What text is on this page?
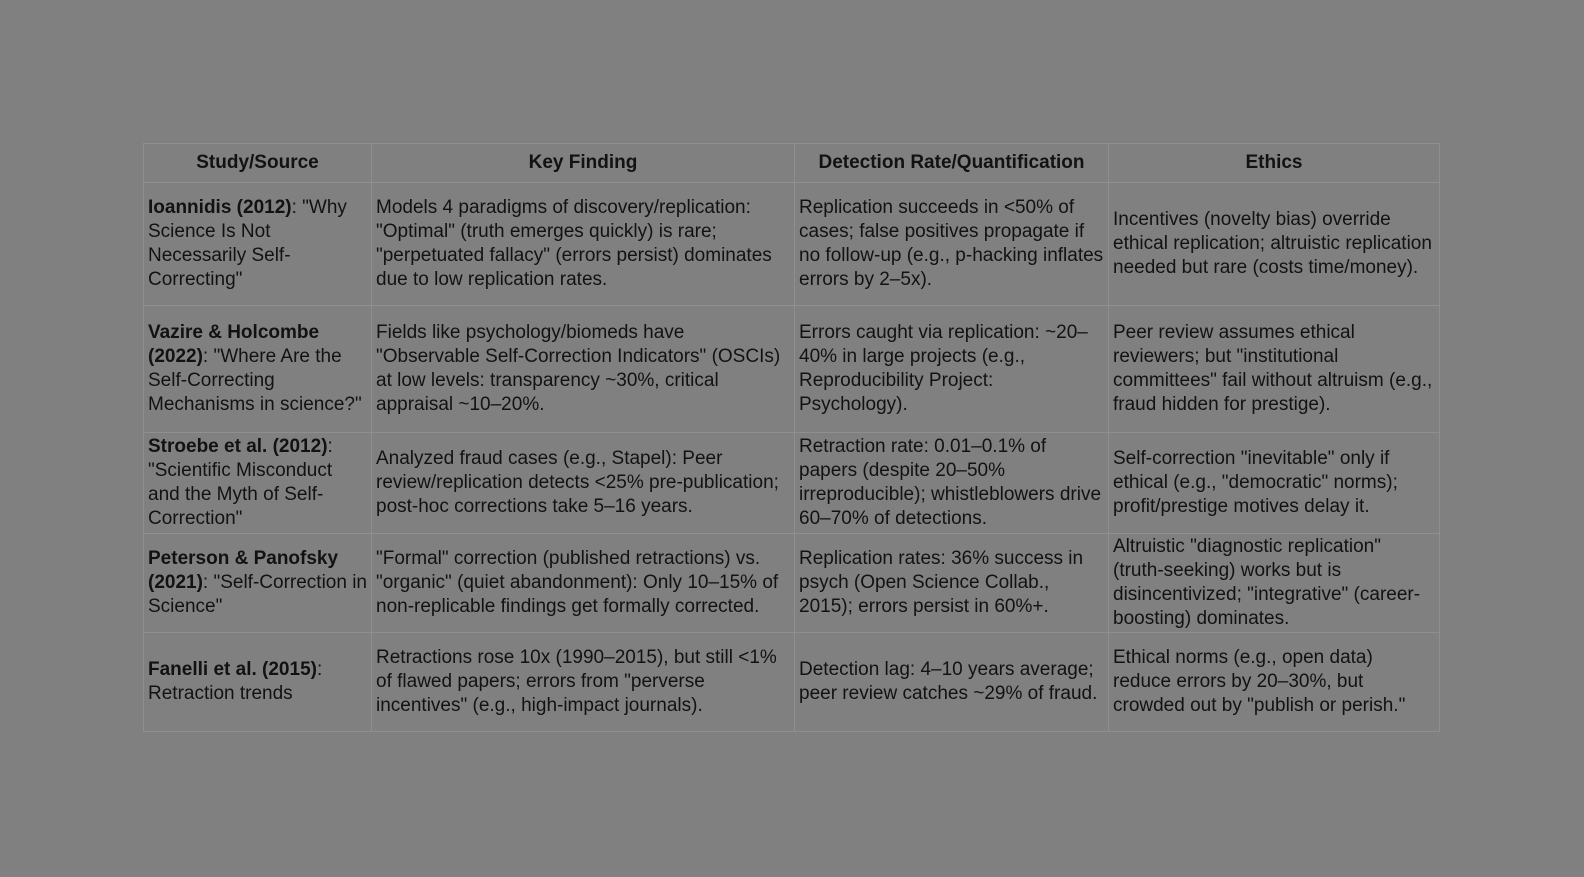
Study/Source	Key Finding	Detection Rate/Quantification	Ethics
Ioannidis (2012): "Why Science Is Not Necessarily Self-Correcting"	Models 4 paradigms of discovery/replication: "Optimal" (truth emerges quickly) is rare; "perpetuated fallacy" (errors persist) dominates due to low replication rates.	Replication succeeds in <50% of cases; false positives propagate if no follow-up (e.g., p-hacking inflates errors by 2–5x).	Incentives (novelty bias) override ethical replication; altruistic replication needed but rare (costs time/money).
Vazire & Holcombe (2022): "Where Are the Self-Correcting Mechanisms in science?"	Fields like psychology/biomeds have "Observable Self-Correction Indicators" (OSCIs) at low levels: transparency ~30%, critical appraisal ~10–20%.	Errors caught via replication: ~20–40% in large projects (e.g., Reproducibility Project: Psychology).	Peer review assumes ethical reviewers; but "institutional committees" fail without altruism (e.g., fraud hidden for prestige).
Stroebe et al. (2012): "Scientific Misconduct and the Myth of Self-Correction"	Analyzed fraud cases (e.g., Stapel): Peer review/replication detects <25% pre-publication; post-hoc corrections take 5–16 years.	Retraction rate: 0.01–0.1% of papers (despite 20–50% irreproducible); whistleblowers drive 60–70% of detections.	Self-correction "inevitable" only if ethical (e.g., "democratic" norms); profit/prestige motives delay it.
Peterson & Panofsky (2021): "Self-Correction in Science"	"Formal" correction (published retractions) vs. "organic" (quiet abandonment): Only 10–15% of non-replicable findings get formally corrected.	Replication rates: 36% success in psych (Open Science Collab., 2015); errors persist in 60%+.	Altruistic "diagnostic replication" (truth-seeking) works but is disincentivized; "integrative" (career-boosting) dominates.
Fanelli et al. (2015): Retraction trends	Retractions rose 10x (1990–2015), but still <1% of flawed papers; errors from "perverse incentives" (e.g., high-impact journals).	Detection lag: 4–10 years average; peer review catches ~29% of fraud.	Ethical norms (e.g., open data) reduce errors by 20–30%, but crowded out by "publish or perish."
